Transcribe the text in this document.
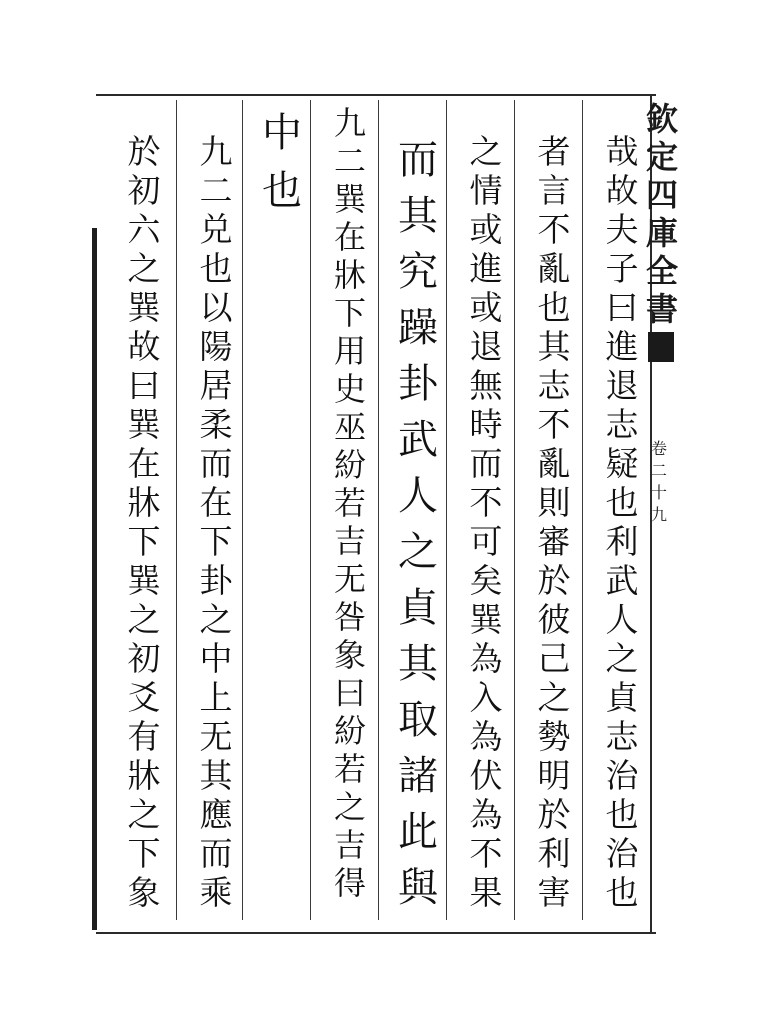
欽
定
四
庫
全
書
卷
二
十
九
哉
故
夫
子
曰
進
退
志
疑
也
利
武
人
之
貞
志
治
也
治
也
者
言
不
亂
也
其
志
不
亂
則
審
於
彼
己
之
勢
明
於
利
害
之
情
或
進
或
退
無
時
而
不
可
矣
巽
為
入
為
伏
為
不
果
而
其
究
躁
卦
武
人
之
貞
其
取
諸
此
與
九
二
巽
在
牀
下
用
史
巫
紛
若
吉
无
咎
象
曰
紛
若
之
吉
得
中
也
九
二
兑
也
以
陽
居
柔
而
在
下
卦
之
中
上
无
其
應
而
乘
於
初
六
之
巽
故
曰
巽
在
牀
下
巽
之
初
爻
有
牀
之
下
象
